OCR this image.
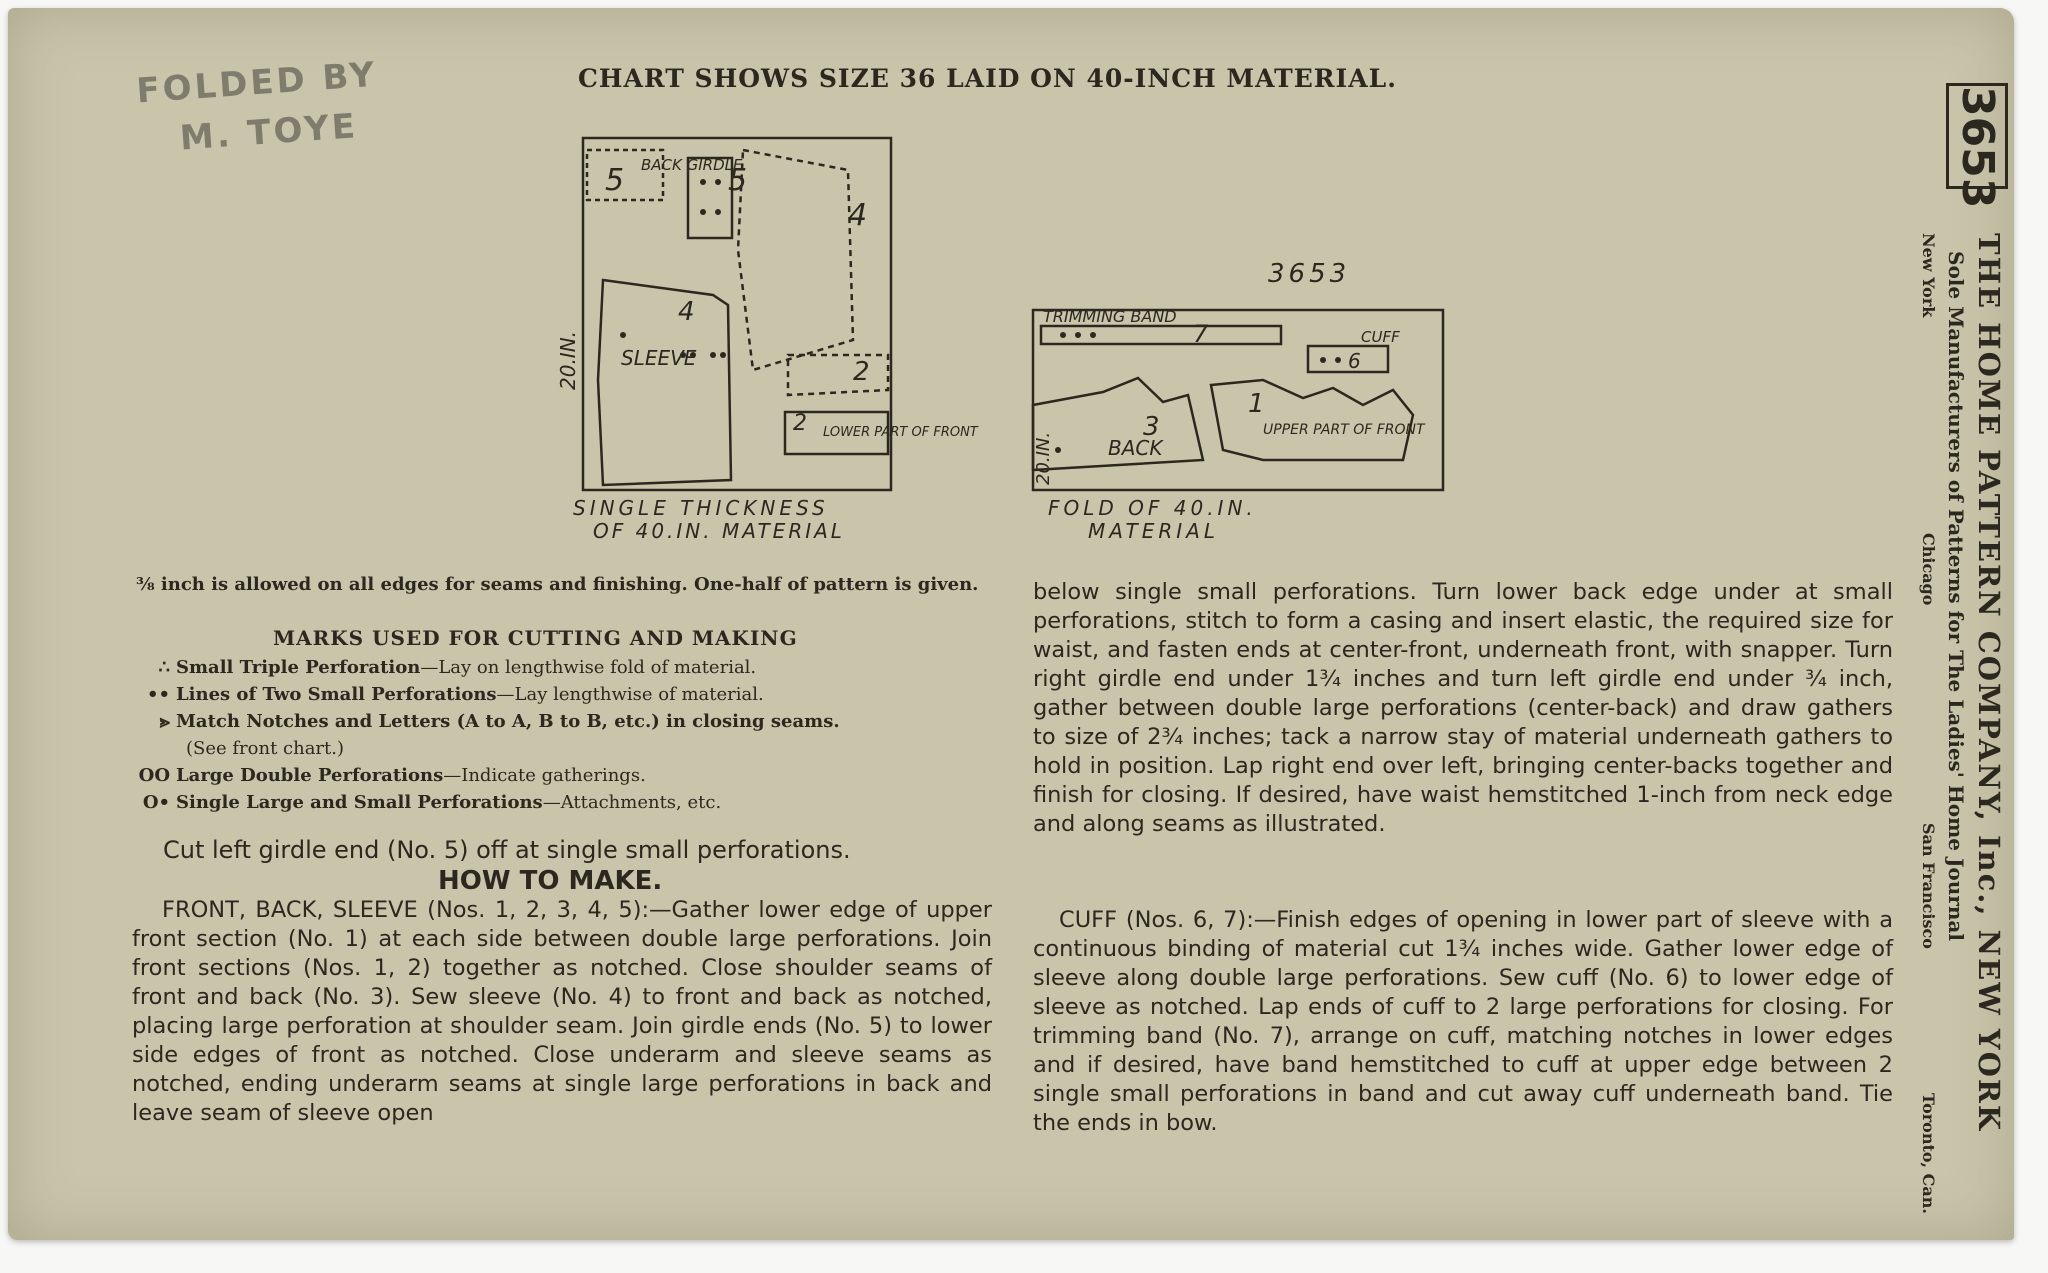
FOLDED BY
M. TOYE
CHART SHOWS SIZE 36 LAID ON 40-INCH MATERIAL.
20.IN.
5	5
BACK GIRDLE
4
4
SLEEVE	2
2 LOWER PART OF FRONT
SINGLE THICKNESS
OF 40.IN. MATERIAL
3653
20.IN.
TRIMMING BAND
7	CUFF
6
3
BACK
1
UPPER PART OF FRONT
FOLD OF 40.IN.
MATERIAL
⅜ inch is allowed on all edges for seams and finishing. One-half of pattern is given.
MARKS USED FOR CUTTING AND MAKING
∴ Small Triple Perforation—Lay on lengthwise fold of material.
•• Lines of Two Small Perforations—Lay lengthwise of material.
⪢ Match Notches and Letters (A to A, B to B, etc.) in closing seams.
(See front chart.)
OO Large Double Perforations—Indicate gatherings.
O• Single Large and Small Perforations—Attachments, etc.
Cut left girdle end (No. 5) off at single small perforations.
HOW TO MAKE.
FRONT, BACK, SLEEVE (Nos. 1, 2, 3, 4, 5):—Gather lower edge of upper front section (No. 1) at each side between double large perforations. Join front sections (Nos. 1, 2) together as notched. Close shoulder seams of front and back (No. 3). Sew sleeve (No. 4) to front and back as notched, placing large perforation at shoulder seam. Join girdle ends (No. 5) to lower side edges of front as notched. Close underarm and sleeve seams as notched, ending underarm seams at single large perforations in back and leave seam of sleeve open
below single small perforations. Turn lower back edge under at small perforations, stitch to form a casing and insert elastic, the required size for waist, and fasten ends at center-front, underneath front, with snapper. Turn right girdle end under 1¾ inches and turn left girdle end under ¾ inch, gather between double large perforations (center-back) and draw gathers to size of 2¾ inches; tack a narrow stay of material underneath gathers to hold in position. Lap right end over left, bringing center-backs together and finish for closing. If desired, have waist hemstitched 1-inch from neck edge and along seams as illustrated.
CUFF (Nos. 6, 7):—Finish edges of opening in lower part of sleeve with a continuous binding of material cut 1¾ inches wide. Gather lower edge of sleeve along double large perforations. Sew cuff (No. 6) to lower edge of sleeve as notched. Lap ends of cuff to 2 large perforations for closing. For trimming band (No. 7), arrange on cuff, matching notches in lower edges and if desired, have band hemstitched to cuff at upper edge between 2 single small perforations in band and cut away cuff underneath band. Tie the ends in bow.
3653
THE HOME PATTERN COMPANY, Inc., NEW YORK
Sole Manufacturers of Patterns for The Ladies' Home Journal
New York
Chicago
San Francisco
Toronto, Can.
